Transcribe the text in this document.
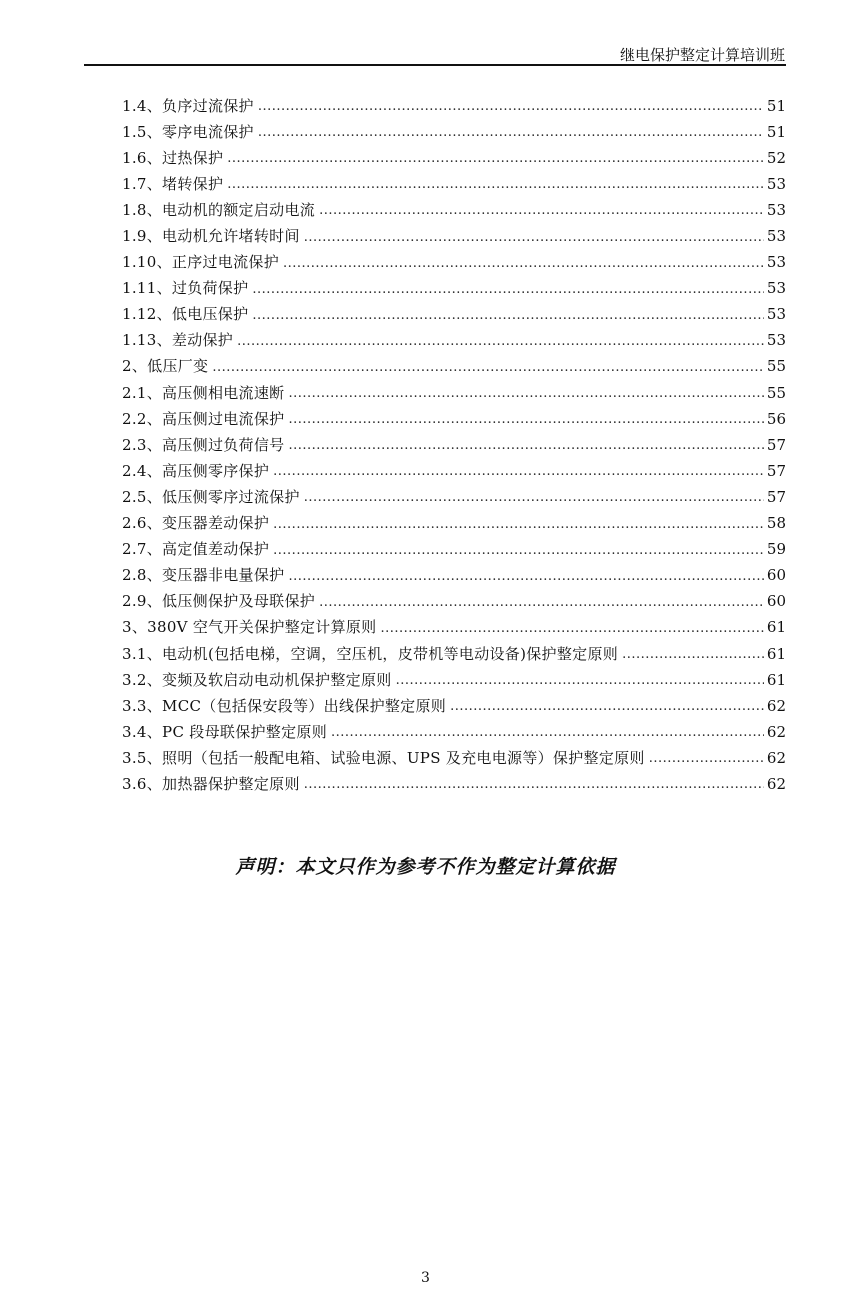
继电保护整定计算培训班
1.4、负序过流保护 .....	51
1.5、零序电流保护 .....	51
1.6、过热保护 .....	52
1.7、堵转保护 .....	53
1.8、电动机的额定启动电流 .....	53
1.9、电动机允许堵转时间 .....	53
1.10、正序过电流保护 .....	53
1.11、过负荷保护 .....	53
1.12、低电压保护 .....	53
1.13、差动保护 .....	53
2、低压厂变 .....	55
2.1、高压侧相电流速断 .....	55
2.2、高压侧过电流保护 .....	56
2.3、高压侧过负荷信号 .....	57
2.4、高压侧零序保护 .....	57
2.5、低压侧零序过流保护 .....	57
2.6、变压器差动保护 .....	58
2.7、高定值差动保护 .....	59
2.8、变压器非电量保护 .....	60
2.9、低压侧保护及母联保护 .....	60
3、380V 空气开关保护整定计算原则 .....	61
3.1、电动机(包括电梯，空调，空压机，皮带机等电动设备)保护整定原则 .....	61
3.2、变频及软启动电动机保护整定原则 .....	61
3.3、MCC（包括保安段等）出线保护整定原则 .....	62
3.4、PC 段母联保护整定原则 .....	62
3.5、照明（包括一般配电箱、试验电源、UPS 及充电电源等）保护整定原则 .....	62
3.6、加热器保护整定原则 .....	62
声明：本文只作为参考不作为整定计算依据
3
